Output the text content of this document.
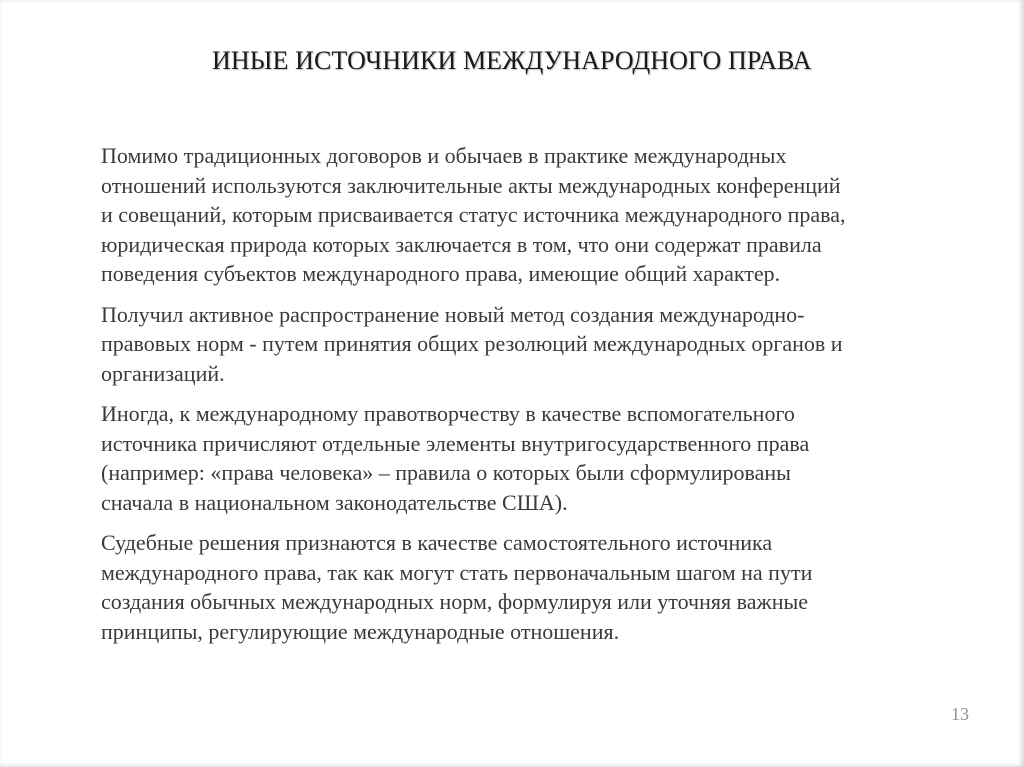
ИНЫЕ ИСТОЧНИКИ МЕЖДУНАРОДНОГО ПРАВА

Помимо традиционных договоров и обычаев в практике международных
отношений используются заключительные акты международных конференций
и совещаний, которым присваивается статус источника международного права,
юридическая природа которых заключается в том, что они содержат правила
поведения субъектов международного права, имеющие общий характер.

Получил активное распространение новый метод создания международно-
правовых норм - путем принятия общих резолюций международных органов и
организаций.

Иногда, к международному правотворчеству в качестве вспомогательного
источника причисляют отдельные элементы внутригосударственного права
(например: «права человека» – правила о которых были сформулированы
сначала в национальном законодательстве США).

Судебные решения признаются в качестве самостоятельного источника
международного права, так как могут стать первоначальным шагом на пути
создания обычных международных норм, формулируя или уточняя важные
принципы, регулирующие международные отношения.

13
